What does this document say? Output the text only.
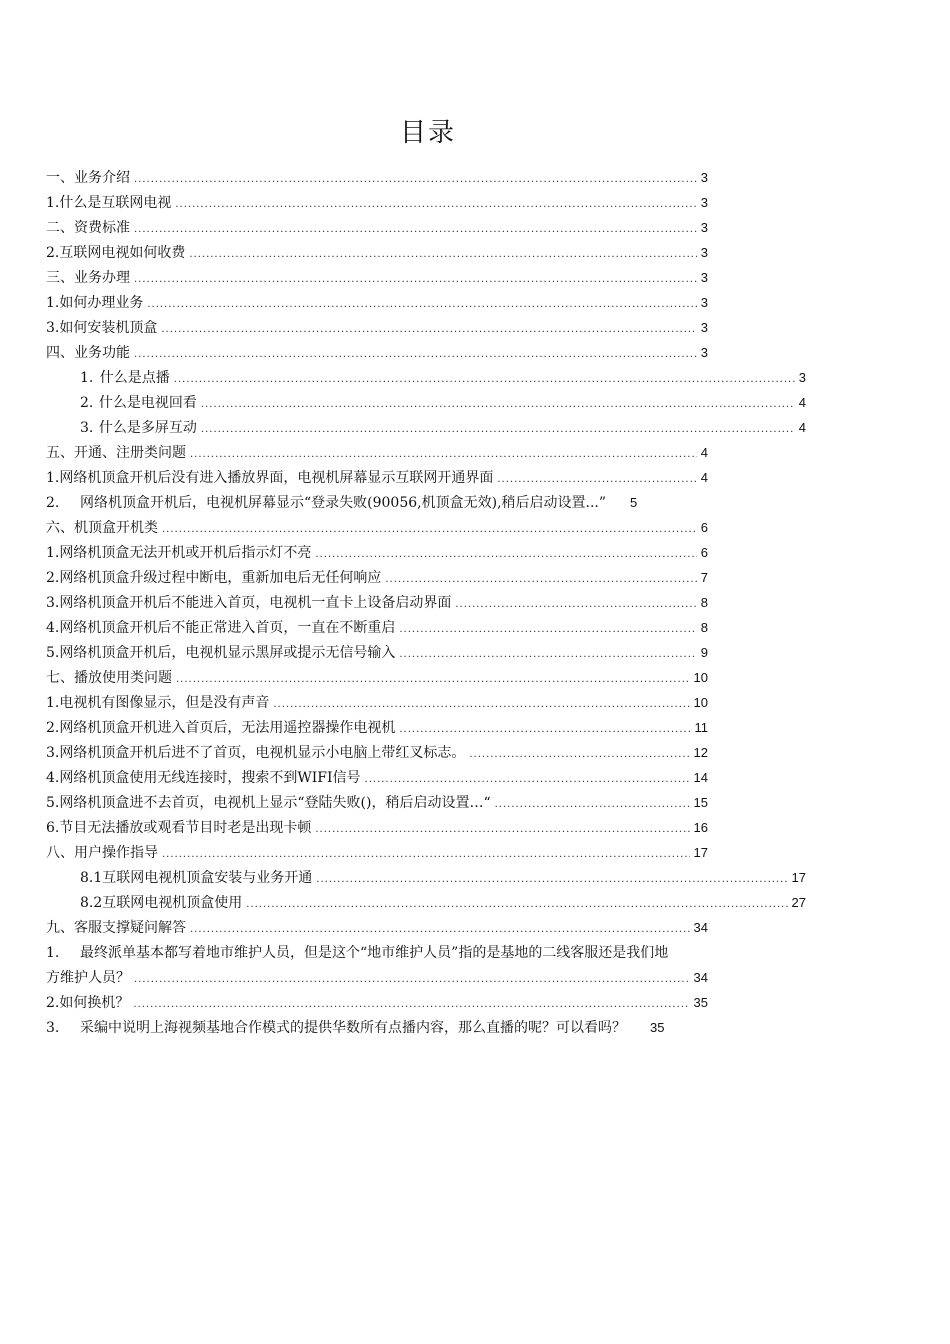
目录
一、 业务介绍 .....	3
1. 什么是互联网电视 .....	3
二、 资费标准 .....	3
2. 互联网电视如何收费 .....	3
三、 业务办理 .....	3
1. 如何办理业务 .....	3
3. 如何安装机顶盒 .....	3
四、 业务功能 .....	3
1. 什么是点播 .....	3
2. 什么是电视回看 .....	4
3. 什么是多屏互动 .....	4
五、 开通、注册类问题 .....	4
1. 网络机顶盒开机后没有进入播放界面，电视机屏幕显示互联网开通界面 .....	4
2.	网络机顶盒开机后，电视机屏幕显示“登录失败(90056,机顶盒无效),稍后启动设置...” 5
六、 机顶盒开机类 .....	6
1. 网络机顶盒无法开机或开机后指示灯不亮 .....	6
2. 网络机顶盒升级过程中断电，重新加电后无任何响应 .....	7
3. 网络机顶盒开机后不能进入首页，电视机一直卡上设备启动界面 .....	8
4. 网络机顶盒开机后不能正常进入首页，一直在不断重启 .....	8
5. 网络机顶盒开机后，电视机显示黑屏或提示无信号输入 .....	9
七、 播放使用类问题 .....	10
1. 电视机有图像显示，但是没有声音 .....	10
2. 网络机顶盒开机进入首页后，无法用遥控器操作电视机 .....	11
3. 网络机顶盒开机后进不了首页，电视机显示小电脑上带红叉标志。 .....	12
4. 网络机顶盒使用无线连接时，搜索不到WIFI信号 .....	14
5. 网络机顶盒进不去首页，电视机上显示“登陆失败()，稍后启动设置…“ .....	15
6. 节目无法播放或观看节目时老是出现卡顿 .....	16
八、 用户操作指导 .....	17
8.1 互联网电视机顶盒安装与业务开通 .....	17
8.2 互联网电视机顶盒使用 .....	27
九、 客服支撑疑问解答 .....	34
1. 最终派单基本都写着地市维护人员，但是这个“地市维护人员”指的是基地的二线客服还是我们地
方维护人员？ .....	34
2. 如何换机？ .....	35
3.	采编中说明上海视频基地合作模式的提供华数所有点播内容，那么直播的呢？可以看吗？ 35
